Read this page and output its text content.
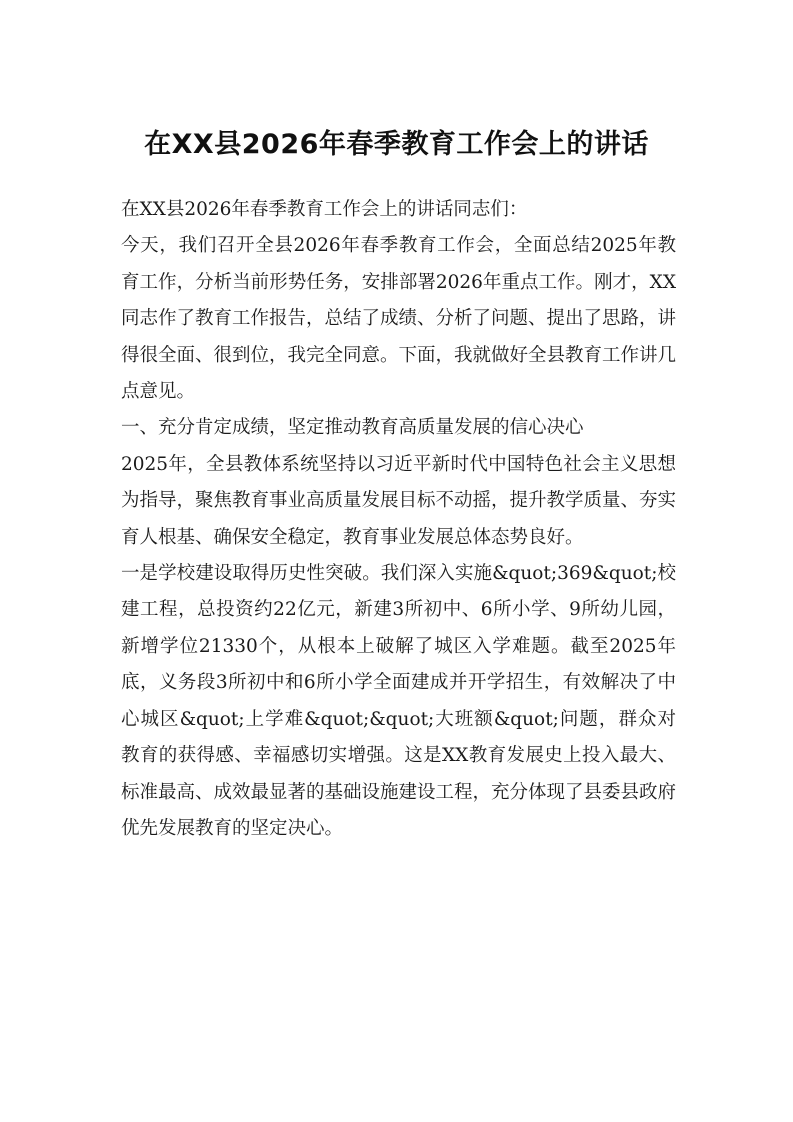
在XX县2026年春季教育工作会上的讲话

在XX县2026年春季教育工作会上的讲话同志们：

今天，我们召开全县2026年春季教育工作会，全面总结2025年教育工作，分析当前形势任务，安排部署2026年重点工作。刚才，XX同志作了教育工作报告，总结了成绩、分析了问题、提出了思路，讲得很全面、很到位，我完全同意。下面，我就做好全县教育工作讲几点意见。

一、充分肯定成绩，坚定推动教育高质量发展的信心决心

2025年，全县教体系统坚持以习近平新时代中国特色社会主义思想为指导，聚焦教育事业高质量发展目标不动摇，提升教学质量、夯实育人根基、确保安全稳定，教育事业发展总体态势良好。

一是学校建设取得历史性突破。我们深入实施&quot;369&quot;校建工程，总投资约22亿元，新建3所初中、6所小学、9所幼儿园，新增学位21330个，从根本上破解了城区入学难题。截至2025年底，义务段3所初中和6所小学全面建成并开学招生，有效解决了中心城区&quot;上学难&quot;&quot;大班额&quot;问题，群众对教育的获得感、幸福感切实增强。这是XX教育发展史上投入最大、标准最高、成效最显著的基础设施建设工程，充分体现了县委县政府优先发展教育的坚定决心。
